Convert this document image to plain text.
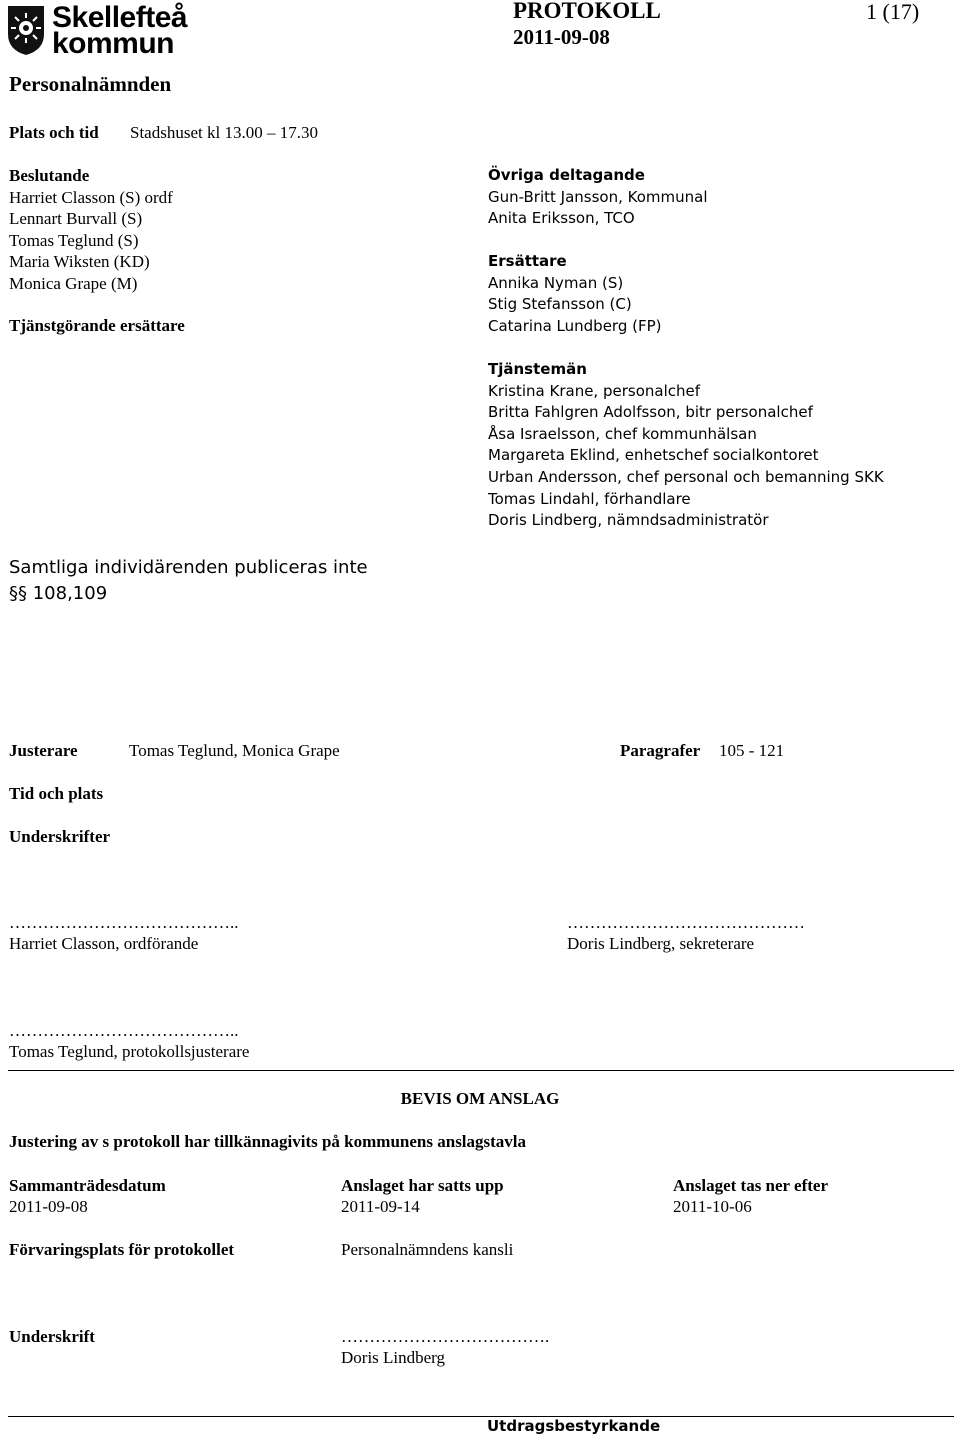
Skellefteå
kommun
PROTOKOLL
2011-09-08
1 (17)
Personalnämnden
Plats och tid Stadshuset kl 13.00 – 17.30
Beslutande
Harriet Classon (S) ordf
Lennart Burvall (S)
Tomas Teglund (S)
Maria Wiksten (KD)
Monica Grape (M)
Tjänstgörande ersättare
Övriga deltagande
Gun-Britt Jansson, Kommunal
Anita Eriksson, TCO
Ersättare
Annika Nyman (S)
Stig Stefansson (C)
Catarina Lundberg (FP)
Tjänstemän
Kristina Krane, personalchef
Britta Fahlgren Adolfsson, bitr personalchef
Åsa Israelsson, chef kommunhälsan
Margareta Eklind, enhetschef socialkontoret
Urban Andersson, chef personal och bemanning SKK
Tomas Lindahl, förhandlare
Doris Lindberg, nämndsadministratör
Samtliga individärenden publiceras inte
§§ 108,109
Justerare	Tomas Teglund, Monica Grape	Paragrafer 105 - 121
Tid och plats
Underskrifter
…………………………………..
Harriet Classon, ordförande
……………………………………
Doris Lindberg, sekreterare
…………………………………..
Tomas Teglund, protokollsjusterare
BEVIS OM ANSLAG
Justering av s protokoll har tillkännagivits på kommunens anslagstavla
Sammanträdesdatum
2011-09-08
Anslaget har satts upp
2011-09-14
Anslaget tas ner efter
2011-10-06
Förvaringsplats för protokollet	Personalnämndens kansli
Underskrift	……………………………….
Doris Lindberg
Utdragsbestyrkande
